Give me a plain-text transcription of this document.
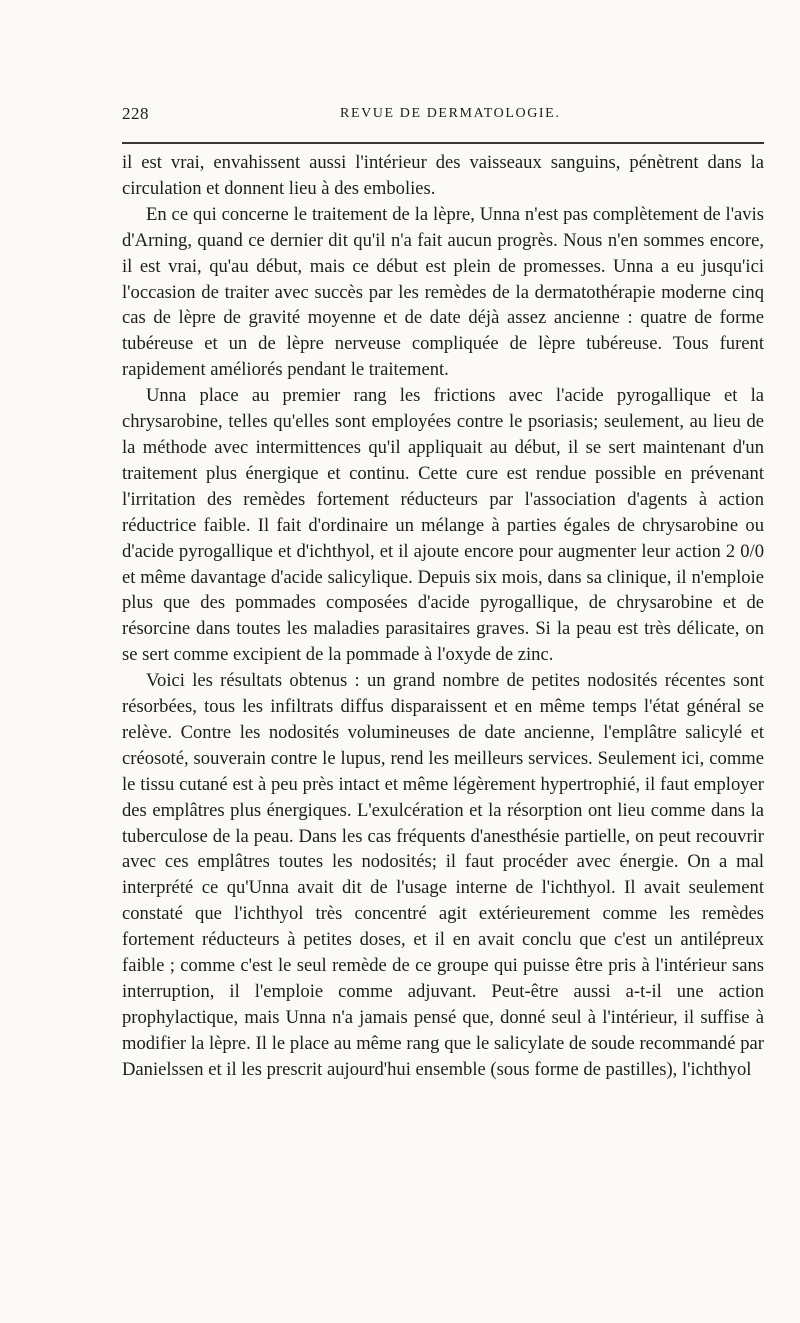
228	REVUE DE DERMATOLOGIE.

il est vrai, envahissent aussi l'intérieur des vaisseaux sanguins, pénètrent dans la circulation et donnent lieu à des embolies.

En ce qui concerne le traitement de la lèpre, Unna n'est pas complètement de l'avis d'Arning, quand ce dernier dit qu'il n'a fait aucun progrès. Nous n'en sommes encore, il est vrai, qu'au début, mais ce début est plein de promesses. Unna a eu jusqu'ici l'occasion de traiter avec succès par les remèdes de la dermatothérapie moderne cinq cas de lèpre de gravité moyenne et de date déjà assez ancienne : quatre de forme tubéreuse et un de lèpre nerveuse compliquée de lèpre tubéreuse. Tous furent rapidement améliorés pendant le traitement.

Unna place au premier rang les frictions avec l'acide pyrogallique et la chrysarobine, telles qu'elles sont employées contre le psoriasis; seulement, au lieu de la méthode avec intermittences qu'il appliquait au début, il se sert maintenant d'un traitement plus énergique et continu. Cette cure est rendue possible en prévenant l'irritation des remèdes fortement réducteurs par l'association d'agents à action réductrice faible. Il fait d'ordinaire un mélange à parties égales de chrysarobine ou d'acide pyrogallique et d'ichthyol, et il ajoute encore pour augmenter leur action 2 0/0 et même davantage d'acide salicylique. Depuis six mois, dans sa clinique, il n'emploie plus que des pommades composées d'acide pyrogallique, de chrysarobine et de résorcine dans toutes les maladies parasitaires graves. Si la peau est très délicate, on se sert comme excipient de la pommade à l'oxyde de zinc.

Voici les résultats obtenus : un grand nombre de petites nodosités récentes sont résorbées, tous les infiltrats diffus disparaissent et en même temps l'état général se relève. Contre les nodosités volumineuses de date ancienne, l'emplâtre salicylé et créosoté, souverain contre le lupus, rend les meilleurs services. Seulement ici, comme le tissu cutané est à peu près intact et même légèrement hypertrophié, il faut employer des emplâtres plus énergiques. L'exulcération et la résorption ont lieu comme dans la tuberculose de la peau. Dans les cas fréquents d'anesthésie partielle, on peut recouvrir avec ces emplâtres toutes les nodosités; il faut procéder avec énergie. On a mal interprété ce qu'Unna avait dit de l'usage interne de l'ichthyol. Il avait seulement constaté que l'ichthyol très concentré agit extérieurement comme les remèdes fortement réducteurs à petites doses, et il en avait conclu que c'est un antilépreux faible ; comme c'est le seul remède de ce groupe qui puisse être pris à l'intérieur sans interruption, il l'emploie comme adjuvant. Peut-être aussi a-t-il une action prophylactique, mais Unna n'a jamais pensé que, donné seul à l'intérieur, il suffise à modifier la lèpre. Il le place au même rang que le salicylate de soude recommandé par Danielssen et il les prescrit aujourd'hui ensemble (sous forme de pastilles), l'ichthyol
